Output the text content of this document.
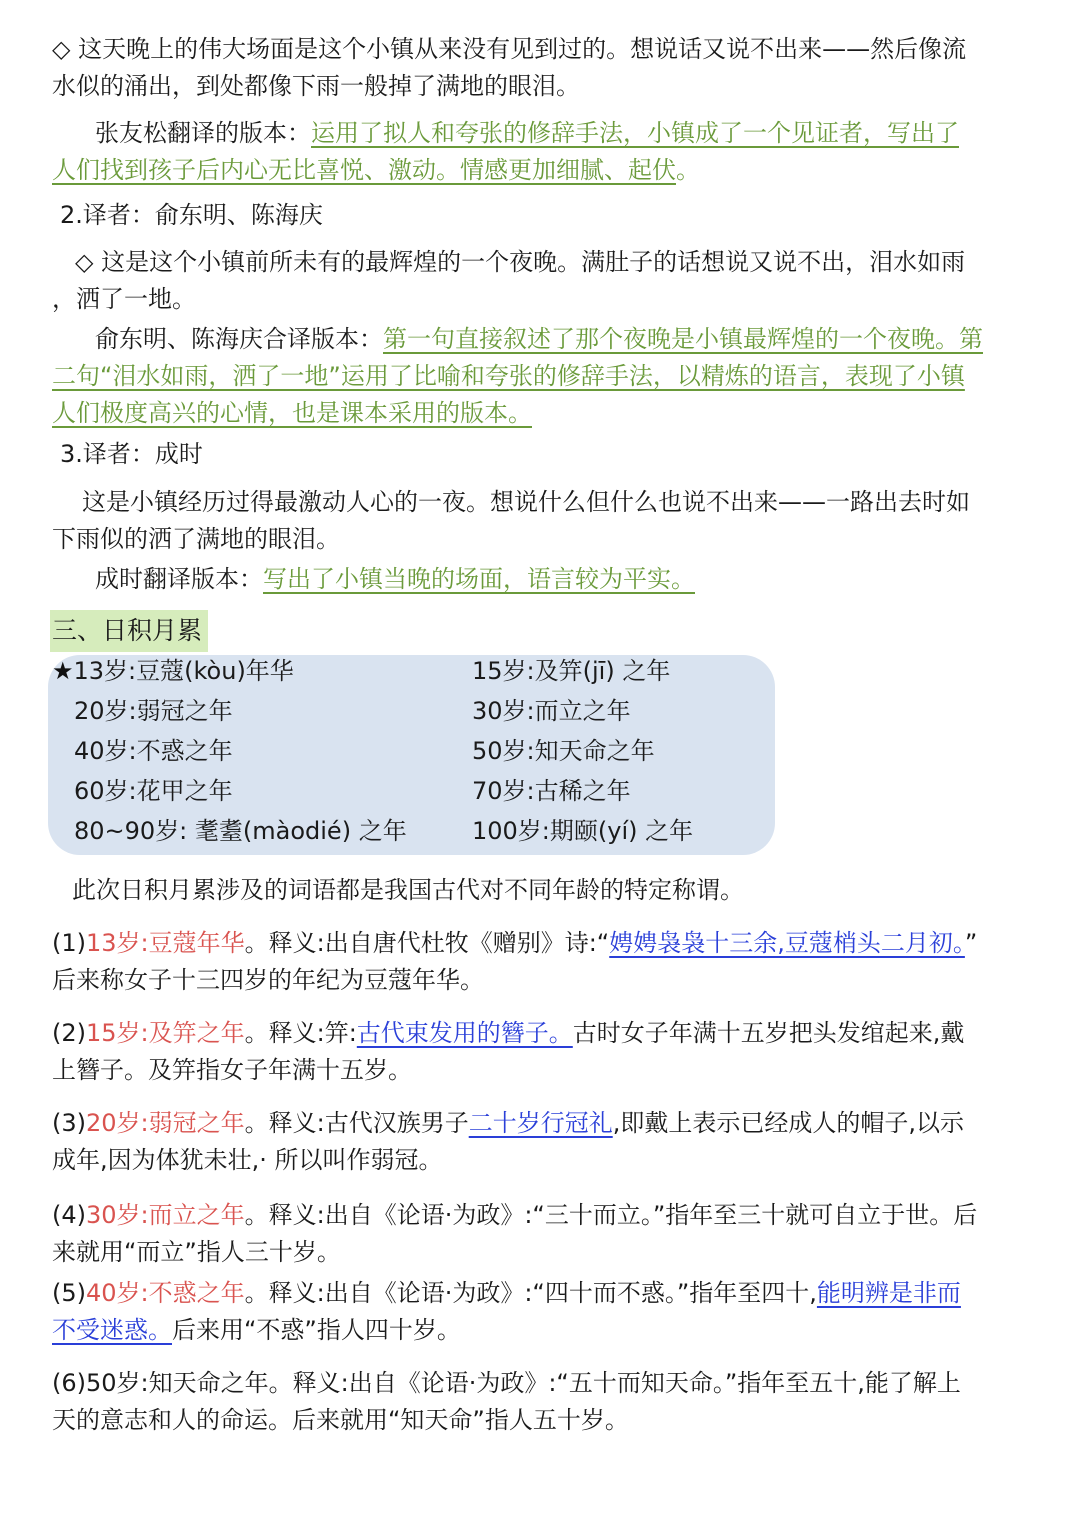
◇ 这天晚上的伟大场面是这个小镇从来没有见到过的。想说话又说不出来——然后像流
水似的涌出，到处都像下雨一般掉了满地的眼泪。
张友松翻译的版本：运用了拟人和夸张的修辞手法，小镇成了一个见证者，写出了
人们找到孩子后内心无比喜悦、激动。情感更加细腻、起伏。
2.译者：俞东明、陈海庆
◇ 这是这个小镇前所未有的最辉煌的一个夜晚。满肚子的话想说又说不出，泪水如雨
，洒了一地。
俞东明、陈海庆合译版本：第一句直接叙述了那个夜晚是小镇最辉煌的一个夜晚。第
二句“泪水如雨，洒了一地”运用了比喻和夸张的修辞手法，以精炼的语言，表现了小镇
人们极度高兴的心情，也是课本采用的版本。
3.译者：成时
这是小镇经历过得最激动人心的一夜。想说什么但什么也说不出来——一路出去时如
下雨似的洒了满地的眼泪。
成时翻译版本：写出了小镇当晚的场面，语言较为平实。
三、日积月累
★13岁:豆蔻(kòu)年华
20岁:弱冠之年
40岁:不惑之年
60岁:花甲之年
80~90岁: 耄耋(màodié) 之年
15岁:及笄(jī) 之年
30岁:而立之年
50岁:知天命之年
70岁:古稀之年
100岁:期颐(yí) 之年
此次日积月累涉及的词语都是我国古代对不同年龄的特定称谓。
(1)13岁:豆蔻年华。释义:出自唐代杜牧《赠别》诗:“娉娉袅袅十三余,豆蔻梢头二月初。”
后来称女子十三四岁的年纪为豆蔻年华。
(2)15岁:及笄之年。释义:笄:古代束发用的簪子。古时女子年满十五岁把头发绾起来,戴
上簪子。及笄指女子年满十五岁。
(3)20岁:弱冠之年。释义:古代汉族男子二十岁行冠礼,即戴上表示已经成人的帽子,以示
成年,因为体犹未壮,· 所以叫作弱冠。
(4)30岁:而立之年。释义:出自《论语·为政》:“三十而立。”指年至三十就可自立于世。后
来就用“而立”指人三十岁。
(5)40岁:不惑之年。释义:出自《论语·为政》:“四十而不惑。”指年至四十,能明辨是非而
不受迷惑。后来用“不惑”指人四十岁。
(6)50岁:知天命之年。释义:出自《论语·为政》:“五十而知天命。”指年至五十,能了解上
天的意志和人的命运。后来就用“知天命”指人五十岁。
